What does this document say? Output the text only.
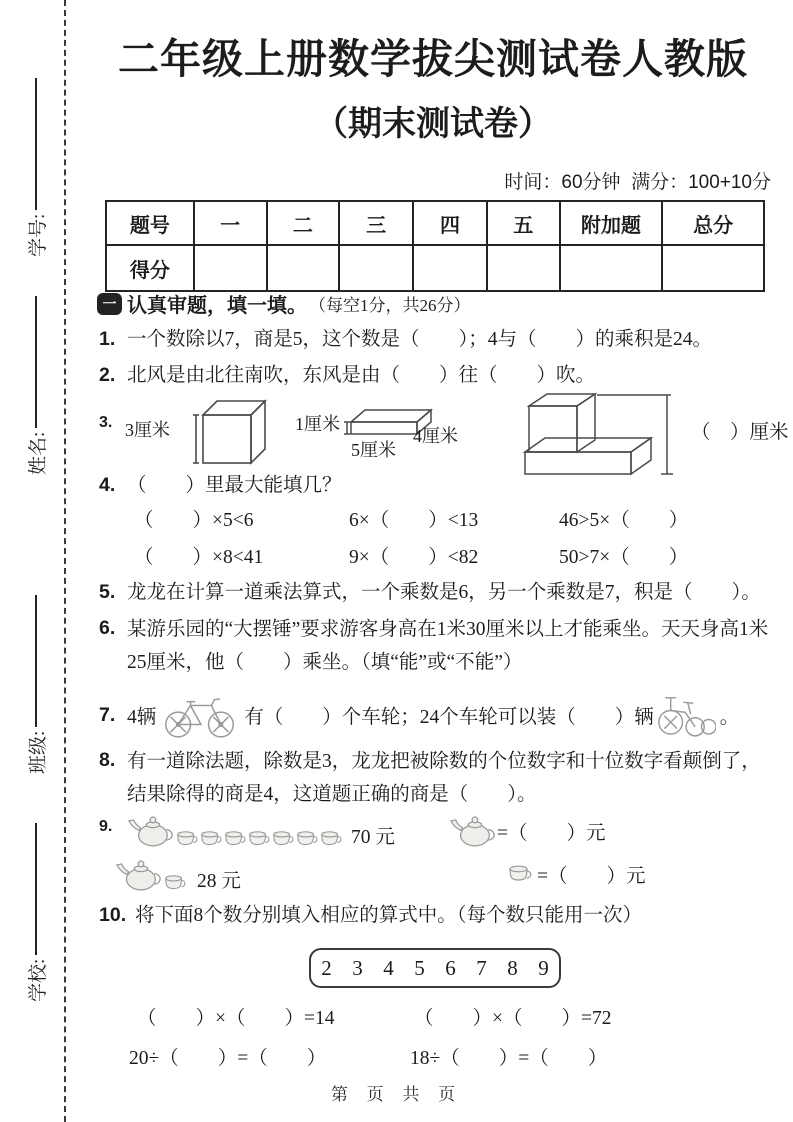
学号:
姓名:
班级:
学校:
二年级上册数学拔尖测试卷人教版
（期末测试卷）
时间：60分钟  满分：100+10分
题号	一	二	三	四	五	附加题	总分
得分							
一 认真审题，填一填。 （每空1分，共26分）
1. 一个数除以7，商是5，这个数是（　　）；4与（　　）的乘积是24。
2. 北风是由北往南吹，东风是由（　　）往（　　）吹。
3. 3厘米	1厘米
5厘米
4厘米	（　）厘米
4. （　　）里最大能填几？
（　　）×5<6	6×（　　）<13	46>5×（　　）
（　　）×8<41	9×（　　）<82	50>7×（　　）
5. 龙龙在计算一道乘法算式，一个乘数是6，另一个乘数是7，积是（　　）。
6. 某游乐园的“大摆锤”要求游客身高在1米30厘米以上才能乘坐。天天身高1米25厘米，他（　　）乘坐。（填“能”或“不能”）
7. 4辆	有（　　）个车轮；24个车轮可以装（　　）辆	。
8. 有一道除法题，除数是3，龙龙把被除数的个位数字和十位数字看颠倒了，结果除得的商是4，这道题正确的商是（　　）。
9.
70 元	=（　　）元
28 元	=（　　）元
10. 将下面8个数分别填入相应的算式中。（每个数只能用一次）
2 3 4 5 6 7 8 9
（　　）×（　　）=14	（　　）×（　　）=72
20÷（　　）=（　　）	18÷（　　）=（　　）
第 页 共 页
